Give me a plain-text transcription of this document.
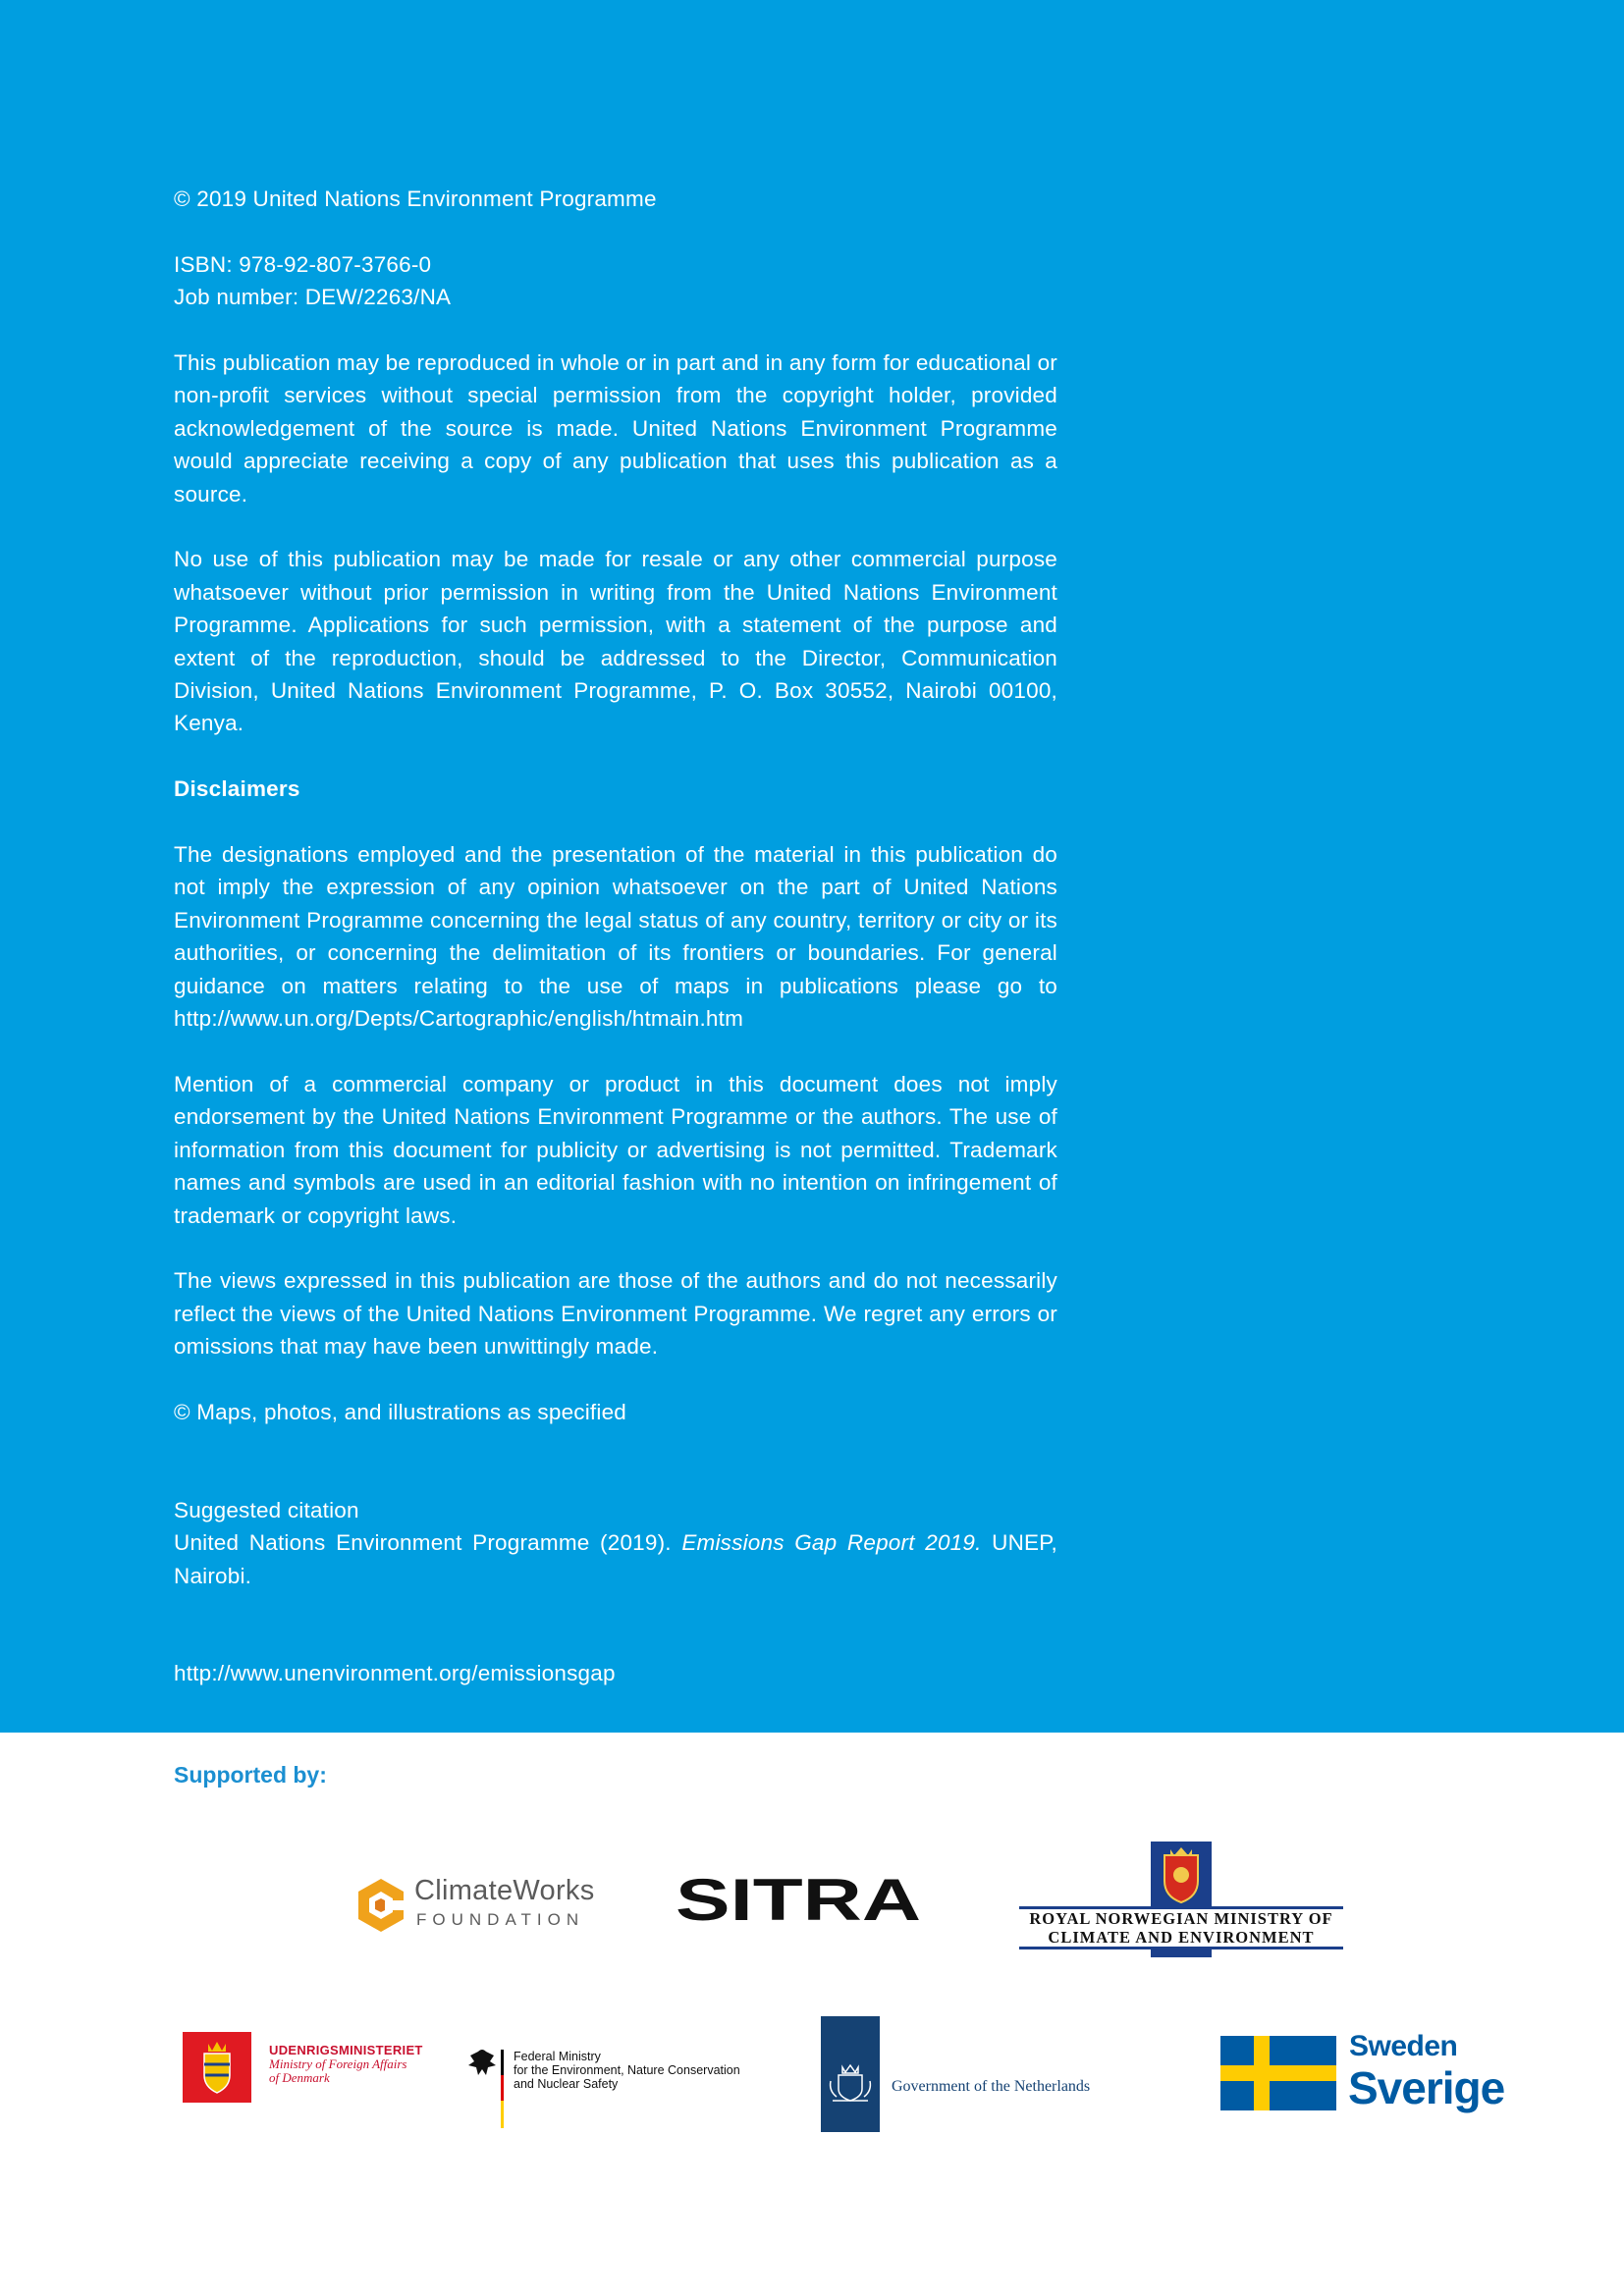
© 2019 United Nations Environment Programme

ISBN: 978-92-807-3766-0
Job number: DEW/2263/NA

This publication may be reproduced in whole or in part and in any form for educational or non-profit services without special permission from the copyright holder, provided acknowledgement of the source is made. United Nations Environment Programme would appreciate receiving a copy of any publication that uses this publication as a source.

No use of this publication may be made for resale or any other commercial purpose whatsoever without prior permission in writing from the United Nations Environment Programme. Applications for such permission, with a statement of the purpose and extent of the reproduction, should be addressed to the Director, Communication Division, United Nations Environment Programme, P. O. Box 30552, Nairobi 00100, Kenya.

Disclaimers

The designations employed and the presentation of the material in this publication do not imply the expression of any opinion whatsoever on the part of United Nations Environment Programme concerning the legal status of any country, territory or city or its authorities, or concerning the delimitation of its frontiers or boundaries. For general guidance on matters relating to the use of maps in publications please go to http://www.un.org/Depts/Cartographic/english/htmain.htm

Mention of a commercial company or product in this document does not imply endorsement by the United Nations Environment Programme or the authors. The use of information from this document for publicity or advertising is not permitted. Trademark names and symbols are used in an editorial fashion with no intention on infringement of trademark or copyright laws.

The views expressed in this publication are those of the authors and do not necessarily reflect the views of the United Nations Environment Programme. We regret any errors or omissions that may have been unwittingly made.

© Maps, photos, and illustrations as specified

Suggested citation
United Nations Environment Programme (2019). Emissions Gap Report 2019. UNEP, Nairobi.

http://www.unenvironment.org/emissionsgap

Supported by:
ClimateWorks
FOUNDATION SITRA	ROYAL NORWEGIAN MINISTRY OF
CLIMATE AND ENVIRONMENT
UDENRIGSMINISTERIET
Ministry of Foreign Affairs
of Denmark
Federal Ministry
for the Environment, Nature Conservation
and Nuclear Safety	Government of the Netherlands
Sweden
Sverige
